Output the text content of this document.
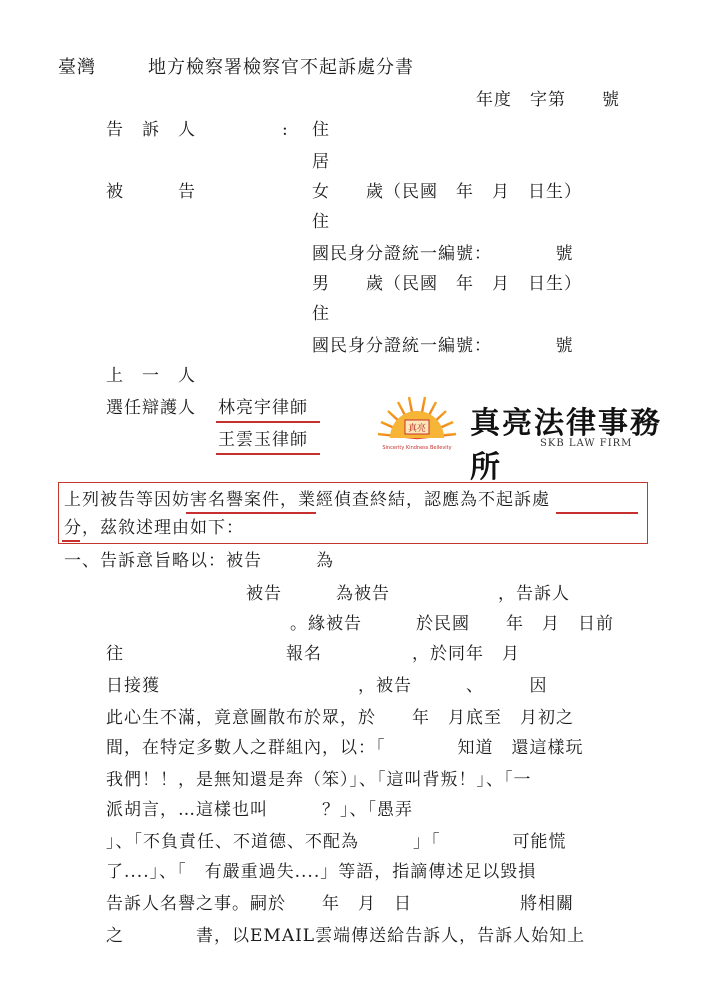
臺灣	地方檢察署檢察官不起訴處分書
年度　字第　　號
告　訴　人	: 住
居
被　　　告	女　　歲（民國　年　月　日生）
住
國民身分證統一編號：　　　　號
男　　歲（民國　年　月　日生）
住
國民身分證統一編號：　　　　號
上　一　人
選任辯護人 林亮宇律師
王雲玉律師
真亮
Sincerity Kindness Bellevity
真亮法律事務所
SKB LAW FIRM
上列被告等因妨害名譽案件，業經偵查終結，認應為不起訴處
分，茲敘述理由如下：
一、告訴意旨略以：被告　　　為
被告　　　為被告　　　　　　，告訴人
。緣被告　　　於民國　　年　月　日前
往　　　　　　　　　報名　　　　　，於同年　月
日接獲　　　　　　　　　　　，被告　　　、　　　因
此心生不滿，竟意圖散布於眾，於　　年　月底至　月初之
間，在特定多數人之群組內，以：「　　　　知道　還這樣玩
我們！！，是無知還是奔（笨）」、「這叫背叛！」、「一
派胡言，…這樣也叫　　　？」、「愚弄
」、「不負責任、不道德、不配為　　　」「　　　　可能慌
了....」、「　有嚴重過失....」等語，指謫傳述足以毀損
告訴人名譽之事。嗣於　　年　月　日　　　　　　將相關
之　　　　書，以EMAIL雲端傳送給告訴人，告訴人始知上
